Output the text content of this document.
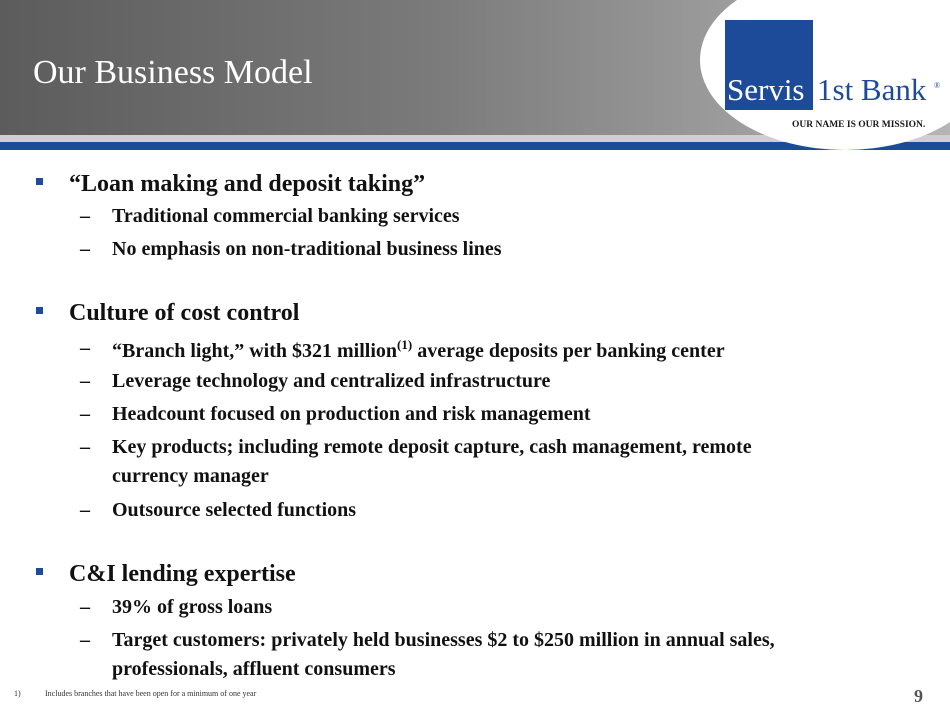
Our Business Model	Servis 1st Bank ®
OUR NAME IS OUR MISSION.
“Loan making and deposit taking”
– Traditional commercial banking services
– No emphasis on non-traditional business lines
Culture of cost control
– “Branch light,” with $321 million$^{(1)}$ average deposits per banking center
– Leverage technology and centralized infrastructure
– Headcount focused on production and risk management
– Key products; including remote deposit capture, cash management, remote
currency manager
– Outsource selected functions
C&I lending expertise
– 39% of gross loans
– Target customers: privately held businesses $2 to $250 million in annual sales,
professionals, affluent consumers
1)	Includes branches that have been open for a minimum of one year	9
